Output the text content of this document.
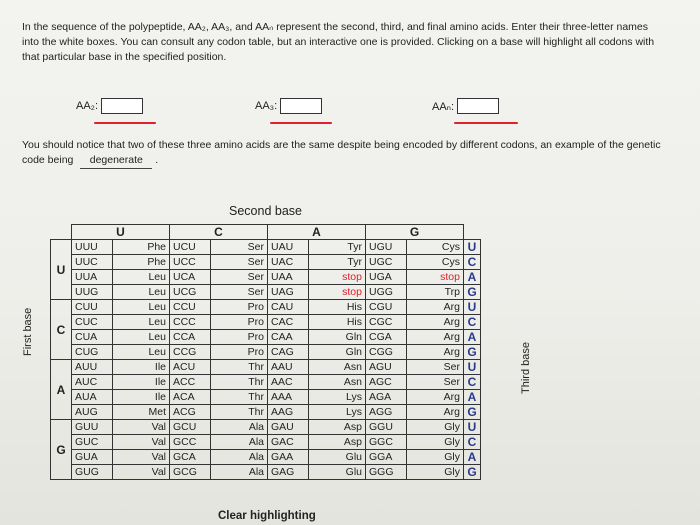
In the sequence of the polypeptide, AA₂, AA₃, and AAₙ represent the second, third, and final amino acids. Enter their three-letter names into the white boxes. You can consult any codon table, but an interactive one is provided. Clicking on a base will highlight all codons with that particular base in the specified position.
AA₂:	AA₃:	AAₙ:
You should notice that two of these three amino acids are the same despite being encoded by different codons, an example of the genetic code being degenerate .
Second base
First base
Third base
	U		C		A		G		
U	UUU	Phe	UCU	Ser	UAU	Tyr	UGU	Cys	U
	UUC	Phe	UCC	Ser	UAC	Tyr	UGC	Cys	C
	UUA	Leu	UCA	Ser	UAA	stop	UGA	stop	A
	UUG	Leu	UCG	Ser	UAG	stop	UGG	Trp	G
C	CUU	Leu	CCU	Pro	CAU	His	CGU	Arg	U
	CUC	Leu	CCC	Pro	CAC	His	CGC	Arg	C
	CUA	Leu	CCA	Pro	CAA	Gln	CGA	Arg	A
	CUG	Leu	CCG	Pro	CAG	Gln	CGG	Arg	G
A	AUU	Ile	ACU	Thr	AAU	Asn	AGU	Ser	U
	AUC	Ile	ACC	Thr	AAC	Asn	AGC	Ser	C
	AUA	Ile	ACA	Thr	AAA	Lys	AGA	Arg	A
	AUG	Met	ACG	Thr	AAG	Lys	AGG	Arg	G
G	GUU	Val	GCU	Ala	GAU	Asp	GGU	Gly	U
	GUC	Val	GCC	Ala	GAC	Asp	GGC	Gly	C
	GUA	Val	GCA	Ala	GAA	Glu	GGA	Gly	A
	GUG	Val	GCG	Ala	GAG	Glu	GGG	Gly	G
Clear highlighting
